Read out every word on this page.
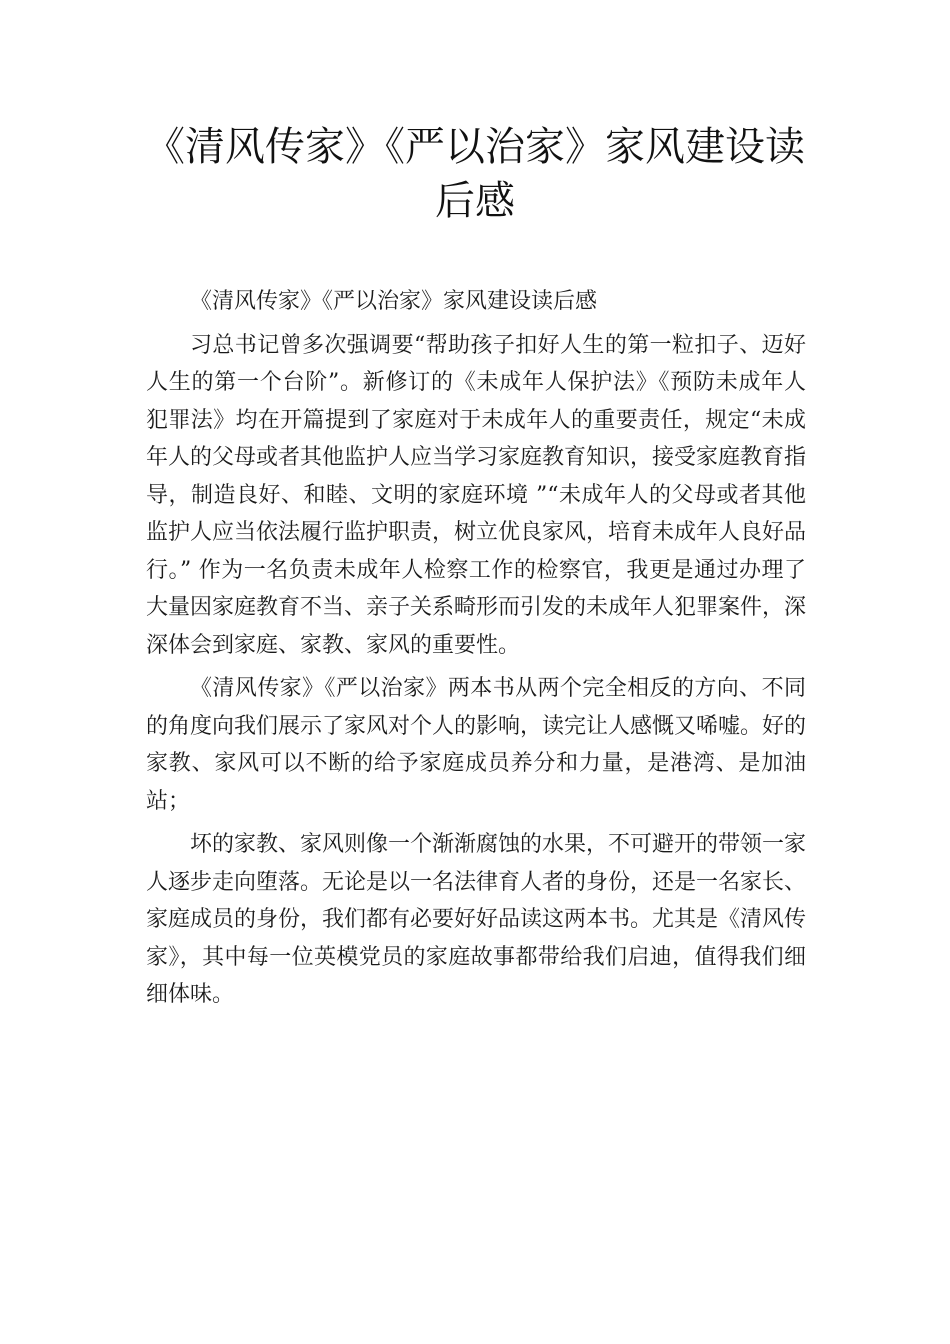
《清风传家》《严以治家》家风建设读
后感

《清风传家》《严以治家》家风建设读后感

习总书记曾多次强调要“帮助孩子扣好人生的第一粒扣子、迈好人生的第一个台阶”。新修订的《未成年人保护法》《预防未成年人犯罪法》均在开篇提到了家庭对于未成年人的重要责任，规定“未成年人的父母或者其他监护人应当学习家庭教育知识，接受家庭教育指导，制造良好、和睦、文明的家庭环境 ”“未成年人的父母或者其他监护人应当依法履行监护职责，树立优良家风，培育未成年人良好品行。” 作为一名负责未成年人检察工作的检察官，我更是通过办理了大量因家庭教育不当、亲子关系畸形而引发的未成年人犯罪案件，深深体会到家庭、家教、家风的重要性。

《清风传家》《严以治家》两本书从两个完全相反的方向、不同的角度向我们展示了家风对个人的影响，读完让人感慨又唏嘘。好的家教、家风可以不断的给予家庭成员养分和力量，是港湾、是加油站；

坏的家教、家风则像一个渐渐腐蚀的水果，不可避开的带领一家人逐步走向堕落。无论是以一名法律育人者的身份，还是一名家长、家庭成员的身份，我们都有必要好好品读这两本书。尤其是《清风传家》，其中每一位英模党员的家庭故事都带给我们启迪，值得我们细细体味。
